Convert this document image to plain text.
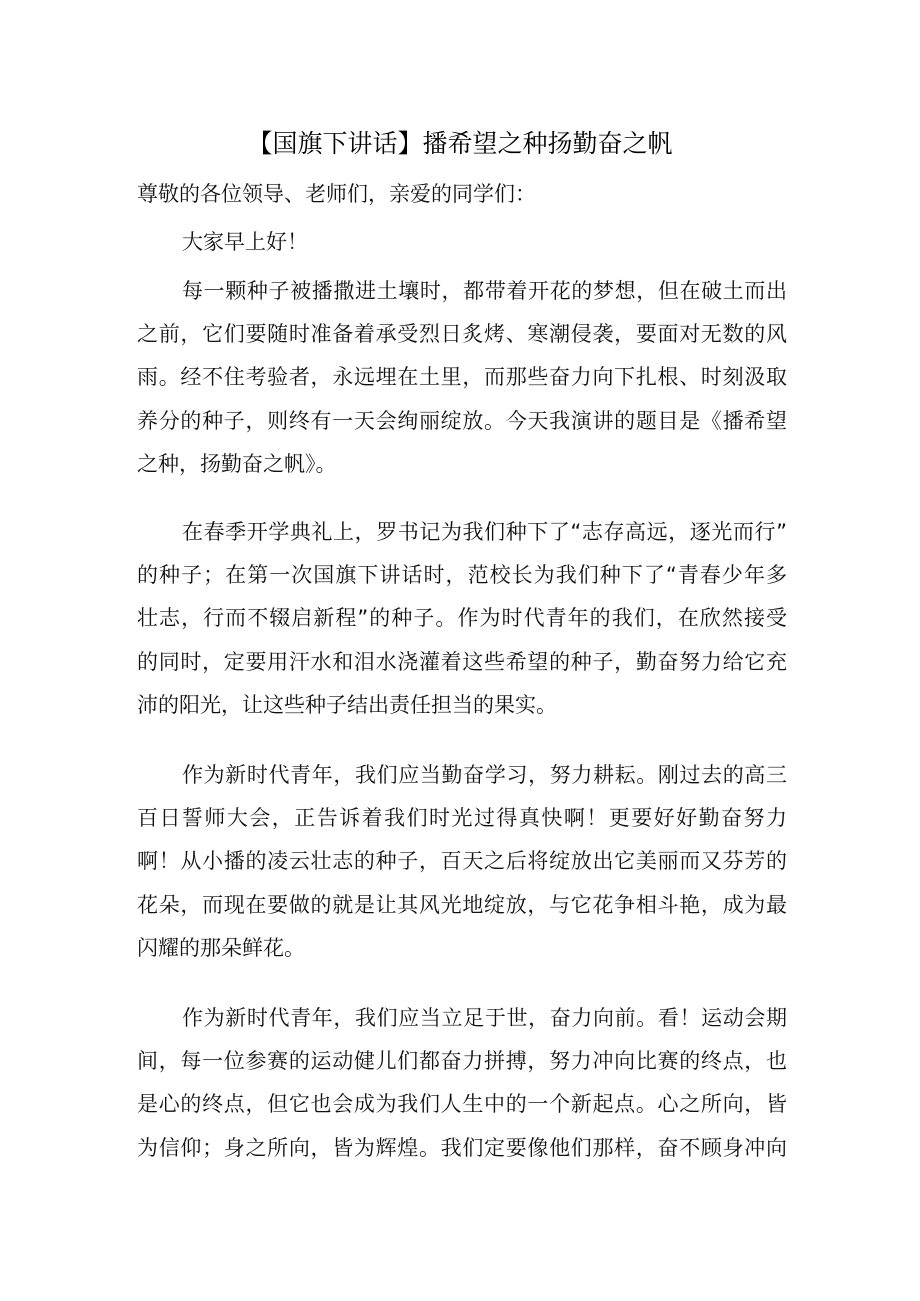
【国旗下讲话】播希望之种扬勤奋之帆

尊敬的各位领导、老师们，亲爱的同学们：

大家早上好！

每一颗种子被播撒进土壤时，都带着开花的梦想，但在破土而出
之前，它们要随时准备着承受烈日炙烤、寒潮侵袭，要面对无数的风
雨。经不住考验者，永远埋在土里，而那些奋力向下扎根、时刻汲取
养分的种子，则终有一天会绚丽绽放。今天我演讲的题目是《播希望
之种，扬勤奋之帆》。
在春季开学典礼上，罗书记为我们种下了“志存高远，逐光而行”
的种子；在第一次国旗下讲话时，范校长为我们种下了“青春少年多
壮志，行而不辍启新程”的种子。作为时代青年的我们，在欣然接受
的同时，定要用汗水和泪水浇灌着这些希望的种子，勤奋努力给它充
沛的阳光，让这些种子结出责任担当的果实。
作为新时代青年，我们应当勤奋学习，努力耕耘。刚过去的高三
百日誓师大会，正告诉着我们时光过得真快啊！更要好好勤奋努力
啊！从小播的凌云壮志的种子，百天之后将绽放出它美丽而又芬芳的
花朵，而现在要做的就是让其风光地绽放，与它花争相斗艳，成为最
闪耀的那朵鲜花。
作为新时代青年，我们应当立足于世，奋力向前。看！运动会期
间，每一位参赛的运动健儿们都奋力拼搏，努力冲向比赛的终点，也
是心的终点，但它也会成为我们人生中的一个新起点。心之所向，皆
为信仰；身之所向，皆为辉煌。我们定要像他们那样，奋不顾身冲向
